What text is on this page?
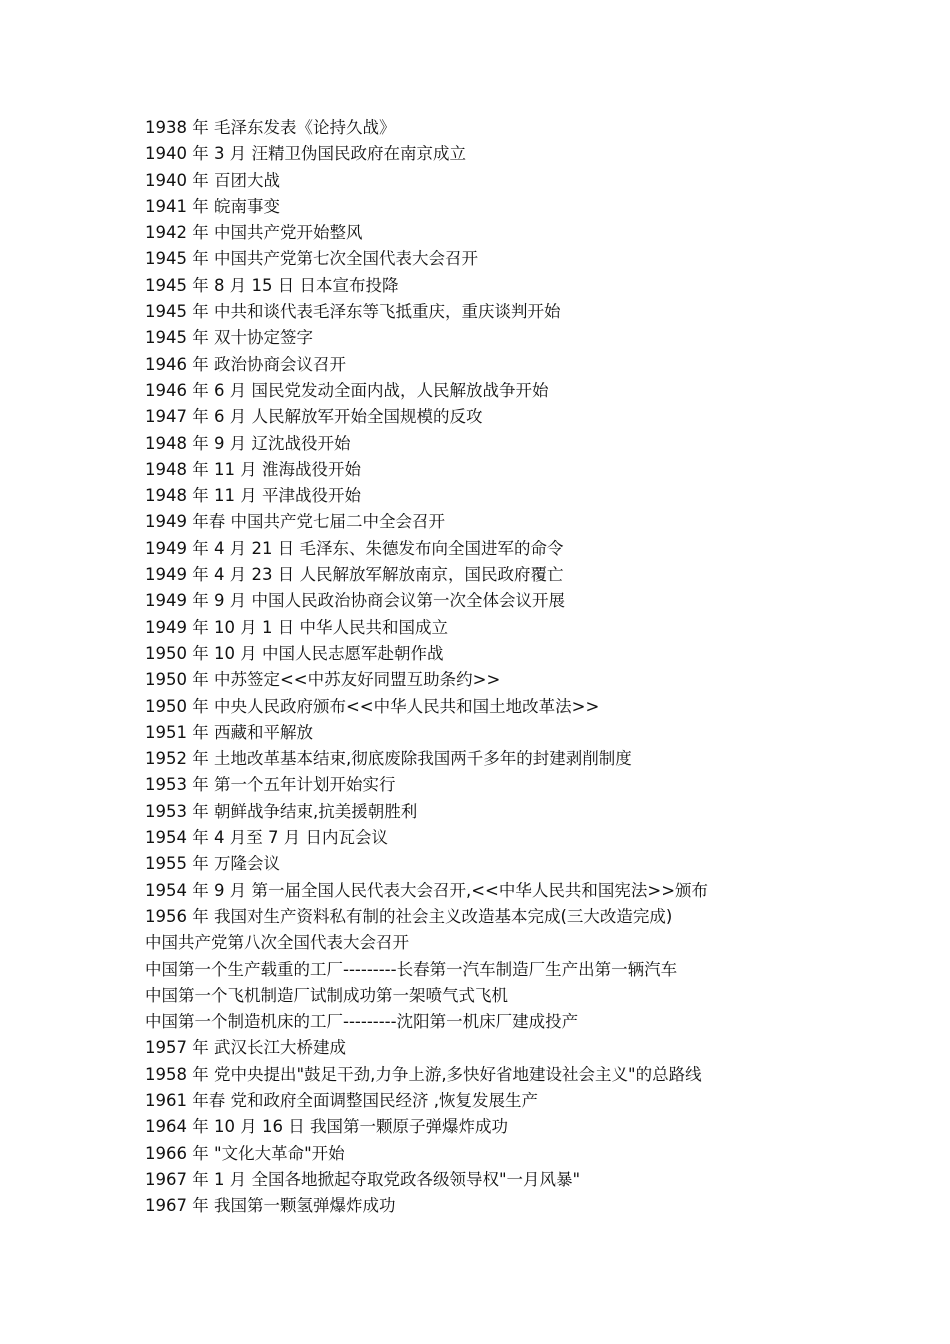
1938 年 毛泽东发表《论持久战》
1940 年 3 月 汪精卫伪国民政府在南京成立
1940 年 百团大战
1941 年 皖南事变
1942 年 中国共产党开始整风
1945 年 中国共产党第七次全国代表大会召开
1945 年 8 月 15 日 日本宣布投降
1945 年 中共和谈代表毛泽东等飞抵重庆，重庆谈判开始
1945 年 双十协定签字
1946 年 政治协商会议召开
1946 年 6 月 国民党发动全面内战，人民解放战争开始
1947 年 6 月 人民解放军开始全国规模的反攻
1948 年 9 月 辽沈战役开始
1948 年 11 月 淮海战役开始
1948 年 11 月 平津战役开始
1949 年春 中国共产党七届二中全会召开
1949 年 4 月 21 日 毛泽东、朱德发布向全国进军的命令
1949 年 4 月 23 日 人民解放军解放南京，国民政府覆亡
1949 年 9 月 中国人民政治协商会议第一次全体会议开展
1949 年 10 月 1 日 中华人民共和国成立
1950 年 10 月 中国人民志愿军赴朝作战
1950 年 中苏签定<<中苏友好同盟互助条约>>
1950 年 中央人民政府颁布<<中华人民共和国土地改革法>>
1951 年 西藏和平解放
1952 年 土地改革基本结束,彻底废除我国两千多年的封建剥削制度
1953 年 第一个五年计划开始实行
1953 年 朝鲜战争结束,抗美援朝胜利
1954 年 4 月至 7 月 日内瓦会议
1955 年 万隆会议
1954 年 9 月 第一届全国人民代表大会召开,<<中华人民共和国宪法>>颁布
1956 年 我国对生产资料私有制的社会主义改造基本完成(三大改造完成)
中国共产党第八次全国代表大会召开
中国第一个生产载重的工厂---------长春第一汽车制造厂生产出第一辆汽车
中国第一个飞机制造厂试制成功第一架喷气式飞机
中国第一个制造机床的工厂---------沈阳第一机床厂建成投产
1957 年 武汉长江大桥建成
1958 年 党中央提出"鼓足干劲,力争上游,多快好省地建设社会主义"的总路线
1961 年春 党和政府全面调整国民经济 ,恢复发展生产
1964 年 10 月 16 日 我国第一颗原子弹爆炸成功
1966 年 "文化大革命"开始
1967 年 1 月 全国各地掀起夺取党政各级领导权"一月风暴"
1967 年 我国第一颗氢弹爆炸成功
